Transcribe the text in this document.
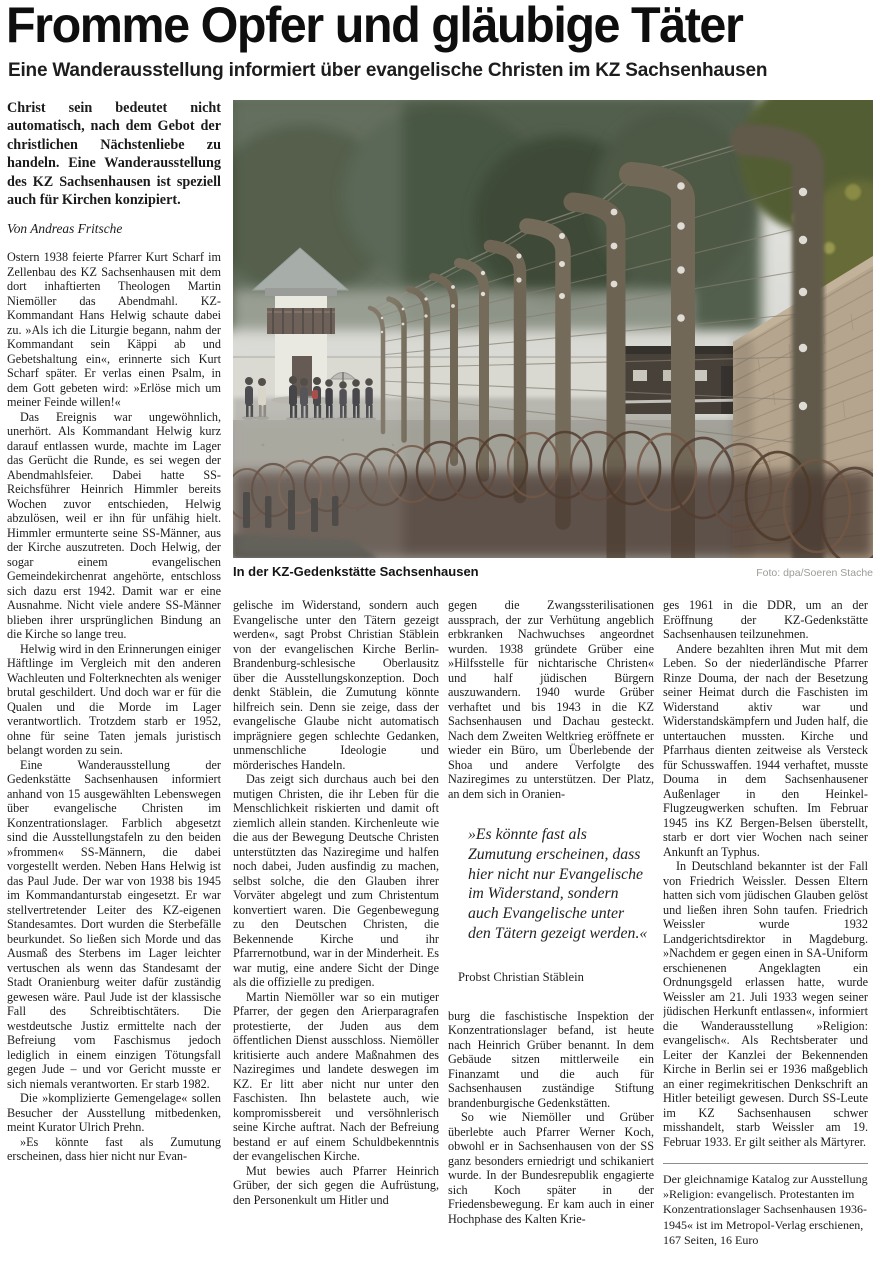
Fromme Opfer und gläubige Täter
Eine Wanderausstellung informiert über evangelische Christen im KZ Sachsenhausen

Christ sein bedeutet nicht automatisch, nach dem Gebot der christlichen Nächstenliebe zu handeln. Eine Wanderausstellung des KZ Sachsenhausen ist speziell auch für Kirchen konzipiert.

Von Andreas Fritsche

Ostern 1938 feierte Pfarrer Kurt Scharf im Zellenbau des KZ Sachsenhausen mit dem dort inhaftierten Theologen Martin Niemöller das Abendmahl. KZ-Kommandant Hans Helwig schaute dabei zu. »Als ich die Liturgie begann, nahm der Kommandant sein Käppi ab und Gebetshaltung ein«, erinnerte sich Kurt Scharf später. Er verlas einen Psalm, in dem Gott gebeten wird: »Erlöse mich um meiner Feinde willen!«

Das Ereignis war ungewöhnlich, unerhört. Als Kommandant Helwig kurz darauf entlassen wurde, machte im Lager das Gerücht die Runde, es sei wegen der Abendmahlsfeier. Dabei hatte SS-Reichsführer Heinrich Himmler bereits Wochen zuvor entschieden, Helwig abzulösen, weil er ihn für unfähig hielt. Himmler ermunterte seine SS-Männer, aus der Kirche auszutreten. Doch Helwig, der sogar einem evangelischen Gemeindekirchenrat angehörte, entschloss sich dazu erst 1942. Damit war er eine Ausnahme. Nicht viele andere SS-Männer blieben ihrer ursprünglichen Bindung an die Kirche so lange treu.

Helwig wird in den Erinnerungen einiger Häftlinge im Vergleich mit den anderen Wachleuten und Folterknechten als weniger brutal geschildert. Und doch war er für die Qualen und die Morde im Lager verantwortlich. Trotzdem starb er 1952, ohne für seine Taten jemals juristisch belangt worden zu sein.

Eine Wanderausstellung der Gedenkstätte Sachsenhausen informiert anhand von 15 ausgewählten Lebenswegen über evangelische Christen im Konzentrationslager. Farblich abgesetzt sind die Ausstellungstafeln zu den beiden »frommen« SS-Männern, die dabei vorgestellt werden. Neben Hans Helwig ist das Paul Jude. Der war von 1938 bis 1945 im Kommandanturstab eingesetzt. Er war stellvertretender Leiter des KZ-eigenen Standesamtes. Dort wurden die Sterbefälle beurkundet. So ließen sich Morde und das Ausmaß des Sterbens im Lager leichter vertuschen als wenn das Standesamt der Stadt Oranienburg weiter dafür zuständig gewesen wäre. Paul Jude ist der klassische Fall des Schreibtischtäters. Die westdeutsche Justiz ermittelte nach der Befreiung vom Faschismus jedoch lediglich in einem einzigen Tötungsfall gegen Jude – und vor Gericht musste er sich niemals verantworten. Er starb 1982.

Die »komplizierte Gemengelage« sollen Besucher der Ausstellung mitbedenken, meint Kurator Ulrich Prehn.

»Es könnte fast als Zumutung erscheinen, dass hier nicht nur Evan-

In der KZ-Gedenkstätte Sachsenhausen	Foto: dpa/Soeren Stache

gelische im Widerstand, sondern auch Evangelische unter den Tätern gezeigt werden«, sagt Probst Christian Stäblein von der evangelischen Kirche Berlin-Brandenburg-schlesische Oberlausitz über die Ausstellungskonzeption. Doch denkt Stäblein, die Zumutung könnte hilfreich sein. Denn sie zeige, dass der evangelische Glaube nicht automatisch imprägniere gegen schlechte Gedanken, unmenschliche Ideologie und mörderisches Handeln.

Das zeigt sich durchaus auch bei den mutigen Christen, die ihr Leben für die Menschlichkeit riskierten und damit oft ziemlich allein standen. Kirchenleute wie die aus der Bewegung Deutsche Christen unterstützten das Naziregime und halfen noch dabei, Juden ausfindig zu machen, selbst solche, die den Glauben ihrer Vorväter abgelegt und zum Christentum konvertiert waren. Die Gegenbewegung zu den Deutschen Christen, die Bekennende Kirche und ihr Pfarrernotbund, war in der Minderheit. Es war mutig, eine andere Sicht der Dinge als die offizielle zu predigen.

Martin Niemöller war so ein mutiger Pfarrer, der gegen den Arierparagrafen protestierte, der Juden aus dem öffentlichen Dienst ausschloss. Niemöller kritisierte auch andere Maßnahmen des Naziregimes und landete deswegen im KZ. Er litt aber nicht nur unter den Faschisten. Ihn belastete auch, wie kompromissbereit und versöhnlerisch seine Kirche auftrat. Nach der Befreiung bestand er auf einem Schuldbekenntnis der evangelischen Kirche.

Mut bewies auch Pfarrer Heinrich Grüber, der sich gegen die Aufrüstung, den Personenkult um Hitler und

gegen die Zwangssterilisationen aussprach, der zur Verhütung angeblich erbkranken Nachwuchses angeordnet wurden. 1938 gründete Grüber eine »Hilfsstelle für nichtarische Christen« und half jüdischen Bürgern auszuwandern. 1940 wurde Grüber verhaftet und bis 1943 in die KZ Sachsenhausen und Dachau gesteckt. Nach dem Zweiten Weltkrieg eröffnete er wieder ein Büro, um Überlebende der Shoa und andere Verfolgte des Naziregimes zu unterstützen. Der Platz, an dem sich in Oranien-

»Es könnte fast als Zumutung erscheinen, dass hier nicht nur Evangelische im Widerstand, sondern auch Evangelische unter den Tätern gezeigt werden.«

Probst Christian Stäblein

burg die faschistische Inspektion der Konzentrationslager befand, ist heute nach Heinrich Grüber benannt. In dem Gebäude sitzen mittlerweile ein Finanzamt und die auch für Sachsenhausen zuständige Stiftung brandenburgische Gedenkstätten.

So wie Niemöller und Grüber überlebte auch Pfarrer Werner Koch, obwohl er in Sachsenhausen von der SS ganz besonders erniedrigt und schikaniert wurde. In der Bundesrepublik engagierte sich Koch später in der Friedensbewegung. Er kam auch in einer Hochphase des Kalten Krie-

ges 1961 in die DDR, um an der Eröffnung der KZ-Gedenkstätte Sachsenhausen teilzunehmen.

Andere bezahlten ihren Mut mit dem Leben. So der niederländische Pfarrer Rinze Douma, der nach der Besetzung seiner Heimat durch die Faschisten im Widerstand aktiv war und Widerstandskämpfern und Juden half, die untertauchen mussten. Kirche und Pfarrhaus dienten zeitweise als Versteck für Schusswaffen. 1944 verhaftet, musste Douma in dem Sachsenhausener Außenlager in den Heinkel-Flugzeugwerken schuften. Im Februar 1945 ins KZ Bergen-Belsen überstellt, starb er dort vier Wochen nach seiner Ankunft an Typhus.

In Deutschland bekannter ist der Fall von Friedrich Weissler. Dessen Eltern hatten sich vom jüdischen Glauben gelöst und ließen ihren Sohn taufen. Friedrich Weissler wurde 1932 Landgerichtsdirektor in Magdeburg. »Nachdem er gegen einen in SA-Uniform erschienenen Angeklagten ein Ordnungsgeld erlassen hatte, wurde Weissler am 21. Juli 1933 wegen seiner jüdischen Herkunft entlassen«, informiert die Wanderausstellung »Religion: evangelisch«. Als Rechtsberater und Leiter der Kanzlei der Bekennenden Kirche in Berlin sei er 1936 maßgeblich an einer regimekritischen Denkschrift an Hitler beteiligt gewesen. Durch SS-Leute im KZ Sachsenhausen schwer misshandelt, starb Weissler am 19. Februar 1933. Er gilt seither als Märtyrer.

Der gleichnamige Katalog zur Ausstellung »Religion: evangelisch. Protestanten im Konzentrationslager Sachsenhausen 1936-1945« ist im Metropol-Verlag erschienen, 167 Seiten, 16 Euro
